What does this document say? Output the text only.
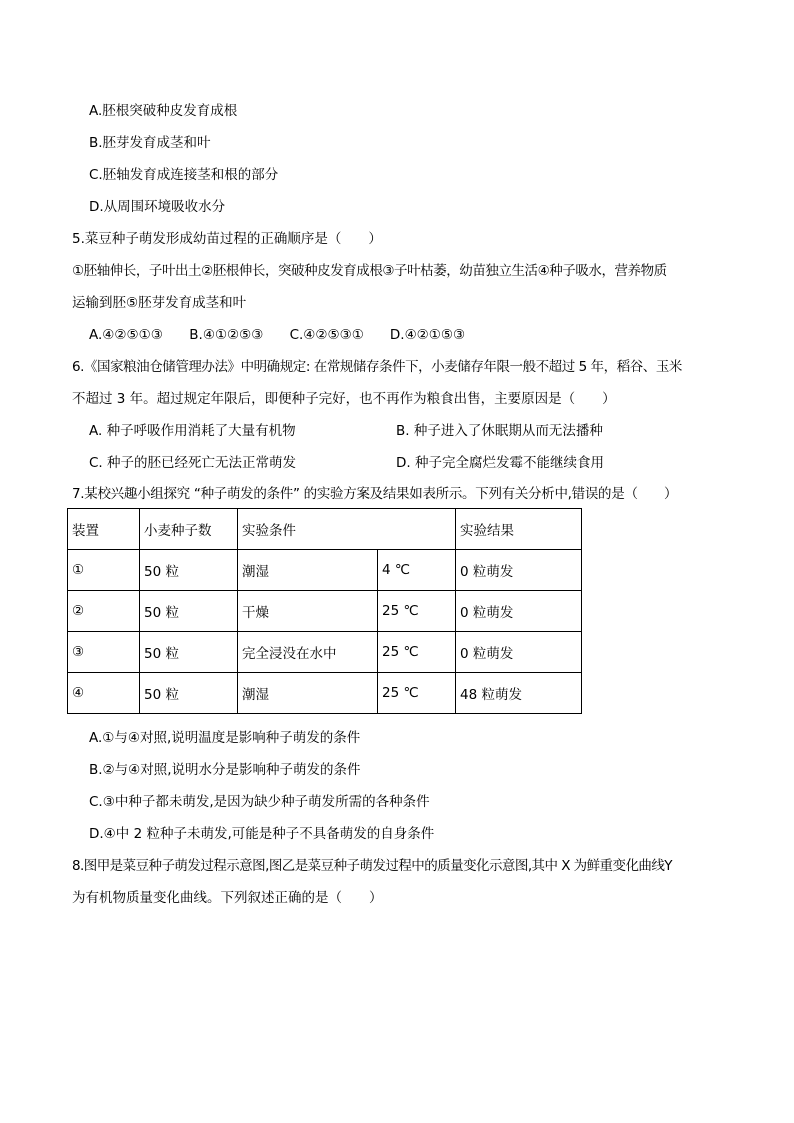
A.胚根突破种皮发育成根
B.胚芽发育成茎和叶
C.胚轴发育成连接茎和根的部分
D.从周围环境吸收水分
5.菜豆种子萌发形成幼苗过程的正确顺序是（　　）
①胚轴伸长，子叶出土②胚根伸长，突破种皮发育成根③子叶枯萎，幼苗独立生活④种子吸水，营养物质
运输到胚⑤胚芽发育成茎和叶
A.④②⑤①③ B.④①②⑤③ C.④②⑤③① D.④②①⑤③
6.《国家粮油仓储管理办法》中明确规定: 在常规储存条件下，小麦储存年限一般不超过 5 年，稻谷、玉米
不超过 3 年。超过规定年限后，即便种子完好，也不再作为粮食出售，主要原因是（　　）
A. 种子呼吸作用消耗了大量有机物	B. 种子进入了休眠期从而无法播种
C. 种子的胚已经死亡无法正常萌发	D. 种子完全腐烂发霉不能继续食用
7.某校兴趣小组探究 “种子萌发的条件” 的实验方案及结果如表所示。下列有关分析中,错误的是（　　）
装置	小麦种子数	实验条件		实验结果
①	50 粒	潮湿	4 ℃	0 粒萌发
②	50 粒	干燥	25 ℃	0 粒萌发
③	50 粒	完全浸没在水中	25 ℃	0 粒萌发
④	50 粒	潮湿	25 ℃	48 粒萌发
A.①与④对照,说明温度是影响种子萌发的条件
B.②与④对照,说明水分是影响种子萌发的条件
C.③中种子都未萌发,是因为缺少种子萌发所需的各种条件
D.④中 2 粒种子未萌发,可能是种子不具备萌发的自身条件
8.图甲是菜豆种子萌发过程示意图,图乙是菜豆种子萌发过程中的质量变化示意图,其中 X 为鲜重变化曲线Y
为有机物质量变化曲线。下列叙述正确的是（　　）
